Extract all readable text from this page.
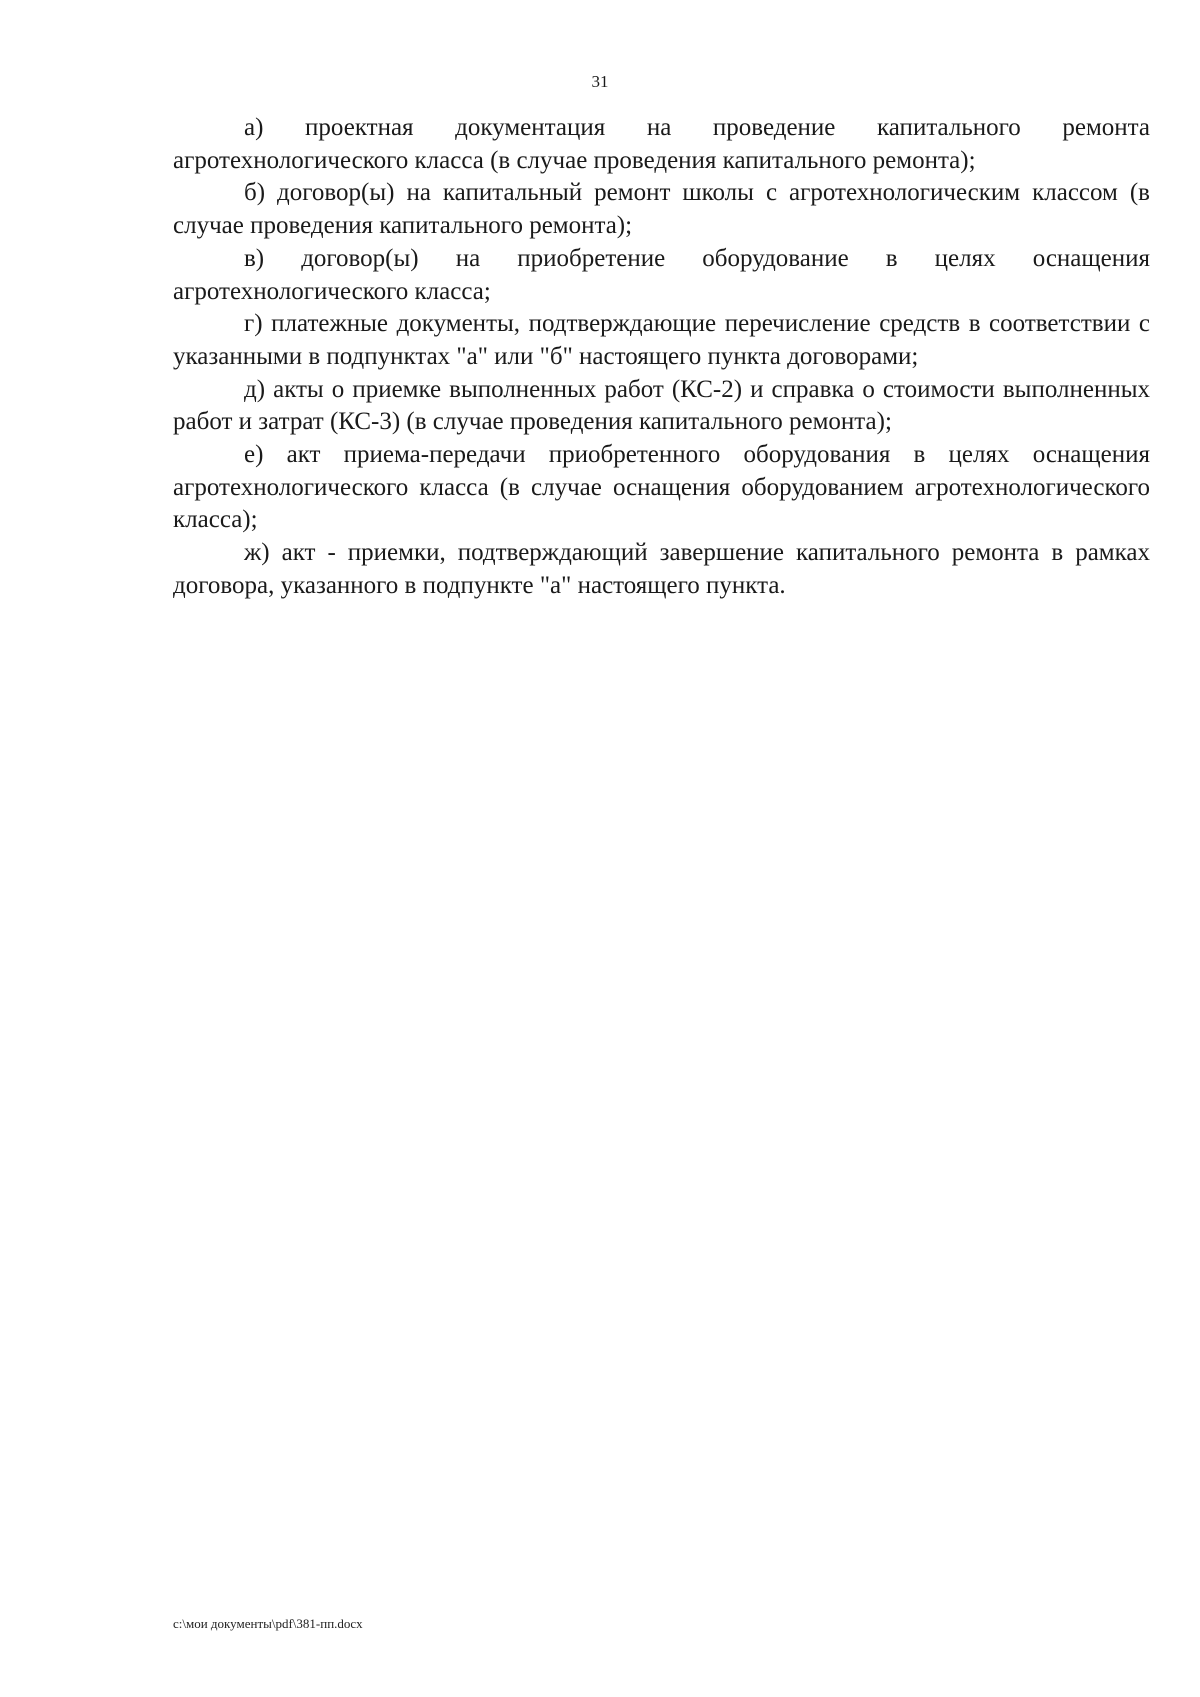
31

а) проектная документация на проведение капитального ремонта агротехнологического класса (в случае проведения капитального ремонта);

б) договор(ы) на капитальный ремонт школы с агротехнологическим классом (в случае проведения капитального ремонта);

в) договор(ы) на приобретение оборудование в целях оснащения агротехнологического класса;

г) платежные документы, подтверждающие перечисление средств в соответствии с указанными в подпунктах "а" или "б" настоящего пункта договорами;

д) акты о приемке выполненных работ (КС-2) и справка о стоимости выполненных работ и затрат (КС-3) (в случае проведения капитального ремонта);

е) акт приема-передачи приобретенного оборудования в целях оснащения агротехнологического класса (в случае оснащения оборудованием агротехнологического класса);

ж) акт - приемки, подтверждающий завершение капитального ремонта в рамках договора, указанного в подпункте "а" настоящего пункта.

c:\мои документы\pdf\381-пп.docx
